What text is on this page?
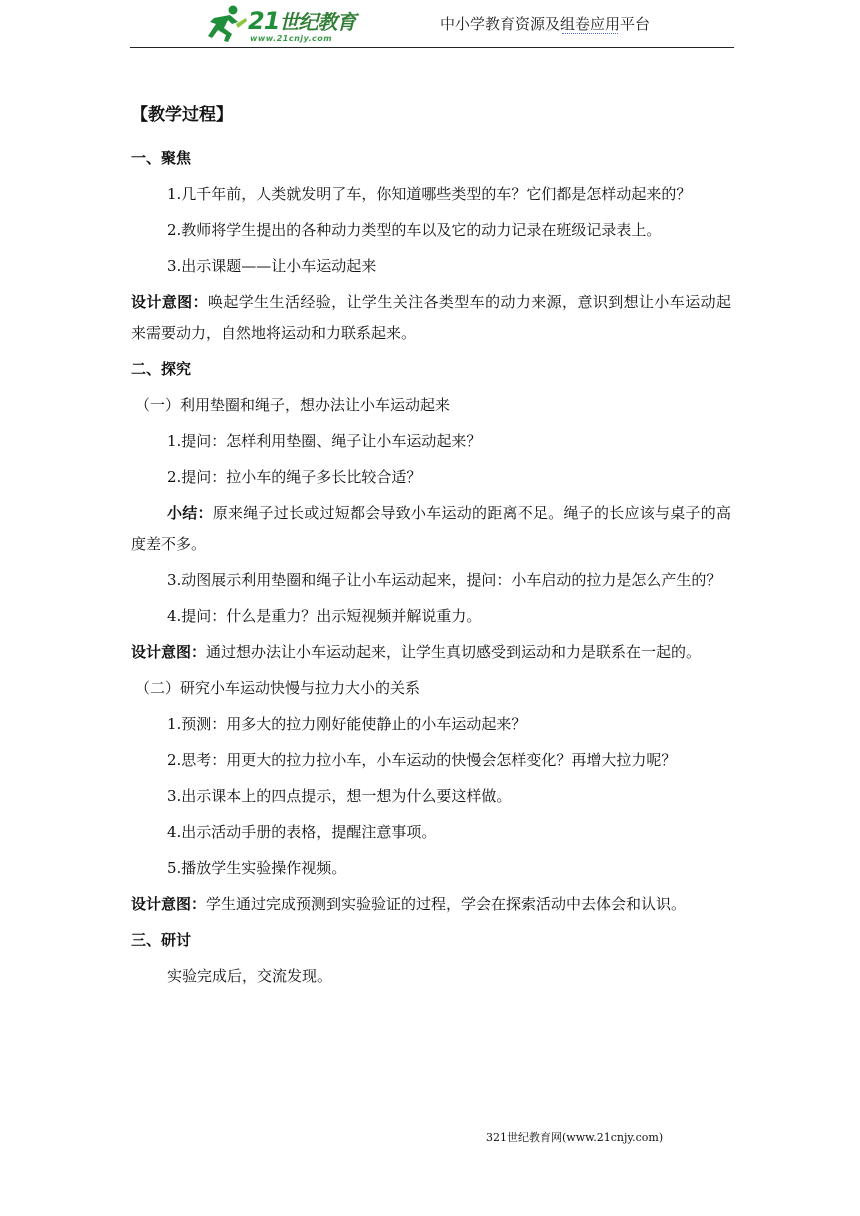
21世纪教育
www.21cnjy.com
中小学教育资源及组卷应用平台
【教学过程】
一、聚焦

1.几千年前，人类就发明了车，你知道哪些类型的车？它们都是怎样动起来的？

2.教师将学生提出的各种动力类型的车以及它的动力记录在班级记录表上。

3.出示课题——让小车运动起来

设计意图：唤起学生生活经验，让学生关注各类型车的动力来源，意识到想让小车运动起来需要动力，自然地将运动和力联系起来。

二、探究

（一）利用垫圈和绳子，想办法让小车运动起来

1.提问：怎样利用垫圈、绳子让小车运动起来？

2.提问：拉小车的绳子多长比较合适？

小结：原来绳子过长或过短都会导致小车运动的距离不足。绳子的长应该与桌子的高度差不多。

3.动图展示利用垫圈和绳子让小车运动起来，提问：小车启动的拉力是怎么产生的？

4.提问：什么是重力？出示短视频并解说重力。

设计意图：通过想办法让小车运动起来，让学生真切感受到运动和力是联系在一起的。

（二）研究小车运动快慢与拉力大小的关系

1.预测：用多大的拉力刚好能使静止的小车运动起来？

2.思考：用更大的拉力拉小车，小车运动的快慢会怎样变化？再增大拉力呢？

3.出示课本上的四点提示，想一想为什么要这样做。

4.出示活动手册的表格，提醒注意事项。

5.播放学生实验操作视频。

设计意图：学生通过完成预测到实验验证的过程，学会在探索活动中去体会和认识。

三、研讨

实验完成后，交流发现。

321世纪教育网(www.21cnjy.com)
